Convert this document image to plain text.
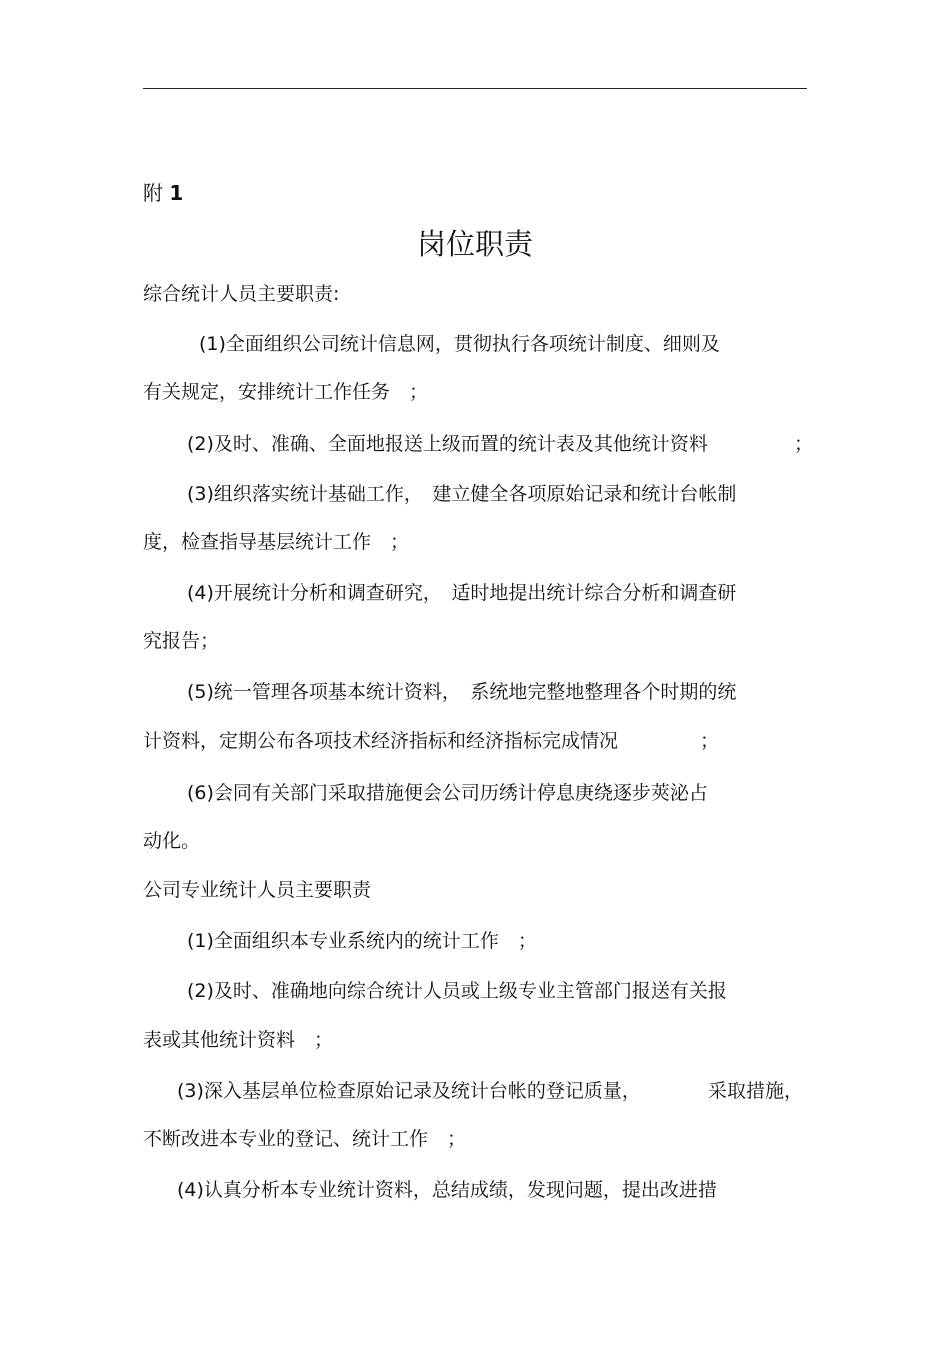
附 1
岗位职责
综合统计人员主要职责:
(1)全面组织公司统计信息网，贯彻执行各项统计制度、细则及
有关规定，安排统计工作任务　；
(2)及时、准确、全面地报送上级而置的统计表及其他统计资料	；
(3)组织落实统计基础工作，　建立健全各项原始记录和统计台帐制
度，检查指导基层统计工作　；
(4)开展统计分析和调查研究，　适时地提出统计综合分析和调查研
究报告；
(5)统一管理各项基本统计资料，　系统地完整地整理各个时期的统
计资料，定期公布各项技术经济指标和经济指标完成情况	；
(6)会同有关部门采取措施便会公司历绣计停息庚绕逐步莢泌占
动化。
公司专业统计人员主要职责
(1)全面组织本专业系统内的统计工作　；
(2)及时、准确地向综合统计人员或上级专业主管部门报送有关报
表或其他统计资料　；
(3)深入基层单位检查原始记录及统计台帐的登记质量，	采取措施，
不断改进本专业的登记、统计工作　；
(4)认真分析本专业统计资料，总结成绩，发现问题，提出改进措
